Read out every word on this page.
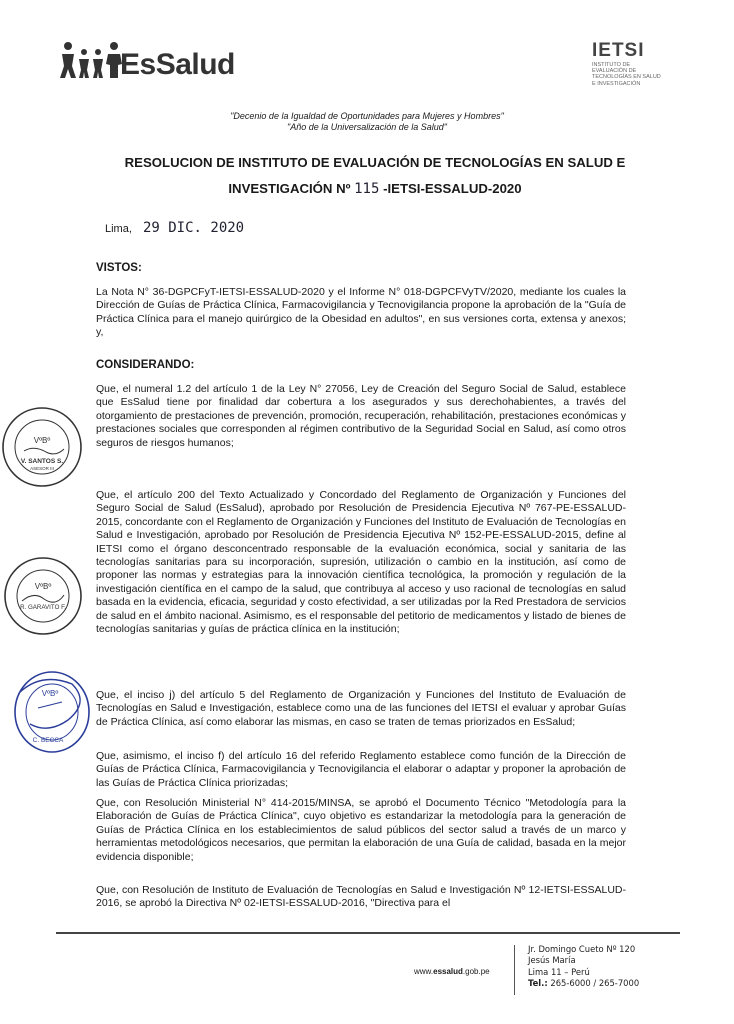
EsSalud	IETSI
INSTITUTO DE EVALUACIÓN DE TECNOLOGÍAS EN SALUD E INVESTIGACIÓN
"Decenio de la Igualdad de Oportunidades para Mujeres y Hombres"
"Año de la Universalización de la Salud"
RESOLUCION DE INSTITUTO DE EVALUACIÓN DE TECNOLOGÍAS EN SALUD E
INVESTIGACIÓN Nº 115 -IETSI-ESSALUD-2020
Lima, 29 DIC. 2020
VISTOS:

La Nota N° 36-DGPCFyT-IETSI-ESSALUD-2020 y el Informe N° 018-DGPCFVyTV/2020, mediante los cuales la Dirección de Guías de Práctica Clínica, Farmacovigilancia y Tecnovigilancia propone la aprobación de la "Guía de Práctica Clínica para el manejo quirúrgico de la Obesidad en adultos", en sus versiones corta, extensa y anexos; y,

CONSIDERANDO:

Que, el numeral 1.2 del artículo 1 de la Ley N° 27056, Ley de Creación del Seguro Social de Salud, establece que EsSalud tiene por finalidad dar cobertura a los asegurados y sus derechohabientes, a través del otorgamiento de prestaciones de prevención, promoción, recuperación, rehabilitación, prestaciones económicas y prestaciones sociales que corresponden al régimen contributivo de la Seguridad Social en Salud, así como otros seguros de riesgos humanos;

Que, el artículo 200 del Texto Actualizado y Concordado del Reglamento de Organización y Funciones del Seguro Social de Salud (EsSalud), aprobado por Resolución de Presidencia Ejecutiva Nº 767-PE-ESSALUD-2015, concordante con el Reglamento de Organización y Funciones del Instituto de Evaluación de Tecnologías en Salud e Investigación, aprobado por Resolución de Presidencia Ejecutiva Nº 152-PE-ESSALUD-2015, define al IETSI como el órgano desconcentrado responsable de la evaluación económica, social y sanitaria de las tecnologías sanitarias para su incorporación, supresión, utilización o cambio en la institución, así como de proponer las normas y estrategias para la innovación científica tecnológica, la promoción y regulación de la investigación científica en el campo de la salud, que contribuya al acceso y uso racional de tecnologías en salud basada en la evidencia, eficacia, seguridad y costo efectividad, a ser utilizadas por la Red Prestadora de servicios de salud en el ámbito nacional. Asimismo, es el responsable del petitorio de medicamentos y listado de bienes de tecnologías sanitarias y guías de práctica clínica en la institución;

Que, el inciso j) del artículo 5 del Reglamento de Organización y Funciones del Instituto de Evaluación de Tecnologías en Salud e Investigación, establece como una de las funciones del IETSI el evaluar y aprobar Guías de Práctica Clínica, así como elaborar las mismas, en caso se traten de temas priorizados en EsSalud;

Que, asimismo, el inciso f) del artículo 16 del referido Reglamento establece como función de la Dirección de Guías de Práctica Clínica, Farmacovigilancia y Tecnovigilancia el elaborar o adaptar y proponer la aprobación de las Guías de Práctica Clínica priorizadas;

Que, con Resolución Ministerial N° 414-2015/MINSA, se aprobó el Documento Técnico "Metodología para la Elaboración de Guías de Práctica Clínica", cuyo objetivo es estandarizar la metodología para la generación de Guías de Práctica Clínica en los establecimientos de salud públicos del sector salud a través de un marco y herramientas metodológicos necesarios, que permitan la elaboración de una Guía de calidad, basada en la mejor evidencia disponible;

Que, con Resolución de Instituto de Evaluación de Tecnologías en Salud e Investigación Nº 12-IETSI-ESSALUD-2016, se aprobó la Directiva Nº 02-IETSI-ESSALUD-2016, "Directiva para el

VºBº
V. SANTOS S.
ASESOR III
VºBº
R. GARAVITO F.
VºBº
C. BECCA
www.essalud.gob.pe
Jr. Domingo Cueto Nº 120
Jesús María
Lima 11 – Perú
Tel.: 265-6000 / 265-7000
